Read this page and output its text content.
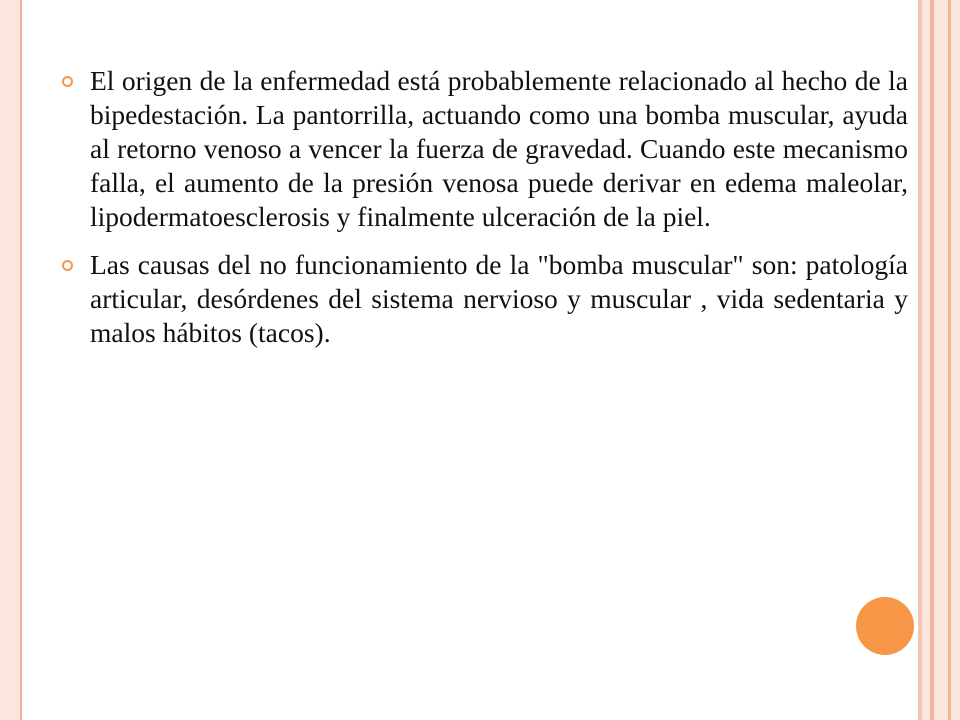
El origen de la enfermedad está probablemente relacionado al hecho de la bipedestación. La pantorrilla, actuando como una bomba muscular, ayuda al retorno venoso a vencer la fuerza de gravedad. Cuando este mecanismo falla, el aumento de la presión venosa puede derivar en edema maleolar, lipodermatoesclerosis y finalmente ulceración de la piel.

Las causas del no funcionamiento de la "bomba muscular" son: patología articular, desórdenes del sistema nervioso y muscular , vida sedentaria y malos hábitos (tacos).
